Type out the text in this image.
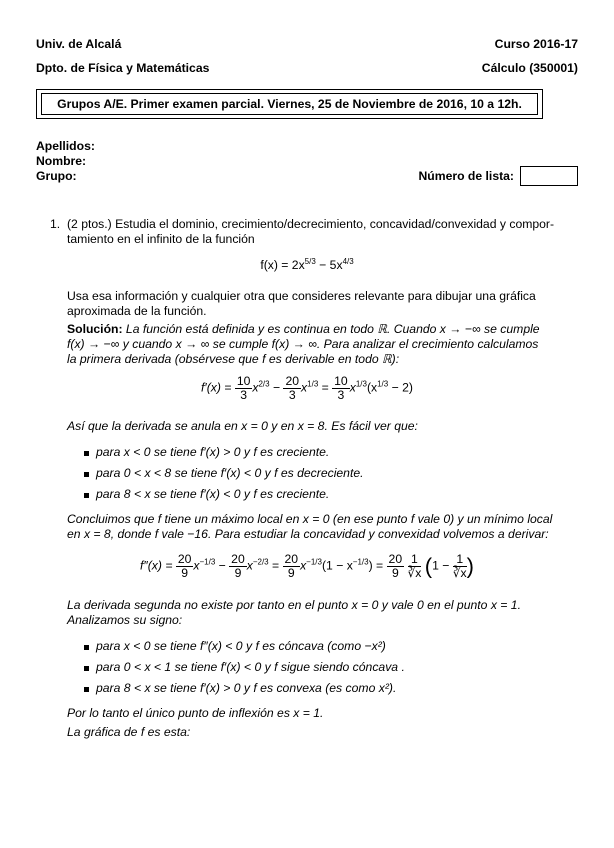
Univ. de Alcalá	Curso 2016-17
Dpto. de Física y Matemáticas	Cálculo (350001)
Grupos A/E. Primer examen parcial. Viernes, 25 de Noviembre de 2016, 10 a 12h.
Apellidos:
Nombre:
Grupo:	Número de lista:
1. (2 ptos.) Estudia el dominio, crecimiento/decrecimiento, concavidad/convexidad y compor-
tamiento en el infinito de la función
$f(x) = 2x^{5/3} - 5x^{4/3}$
Usa esa información y cualquier otra que consideres relevante para dibujar una gráfica
aproximada de la función.
Solución: La función está definida y es continua en todo ℝ. Cuando x → −∞ se cumple
f(x) → −∞ y cuando x → ∞ se cumple f(x) → ∞. Para analizar el crecimiento calculamos
la primera derivada (obsérvese que f es derivable en todo ℝ):
$f'(x) = \frac{10}{3} x^{2/3} - \frac{20}{3} x^{1/3} = \frac{10}{3} x^{1/3}(x^{1/3} - 2)$
Así que la derivada se anula en x = 0 y en x = 8. Es fácil ver que:
para x < 0 se tiene f′(x) > 0 y f es creciente.
para 0 < x < 8 se tiene f′(x) < 0 y f es decreciente.
para 8 < x se tiene f′(x) < 0 y f es creciente.
Concluimos que f tiene un máximo local en x = 0 (en ese punto f vale 0) y un mínimo local
en x = 8, donde f vale −16. Para estudiar la concavidad y convexidad volvemos a derivar:
$f''(x) = \frac{20}{9} x^{-1/3} - \frac{20}{9} x^{-2/3} = \frac{20}{9} x^{-1/3}(1 - x^{-1/3}) = \frac{20}{9}$
$\frac{1}{∛x} (1 - \frac{1}{∛x}$ )
La derivada segunda no existe por tanto en el punto x = 0 y vale 0 en el punto x = 1.
Analizamos su signo:
para x < 0 se tiene f″(x) < 0 y f es cóncava (como −x²)
para 0 < x < 1 se tiene f′(x) < 0 y f sigue siendo cóncava .
para 8 < x se tiene f′(x) > 0 y f es convexa (es como x²).
Por lo tanto el único punto de inflexión es x = 1.
La gráfica de f es esta:
